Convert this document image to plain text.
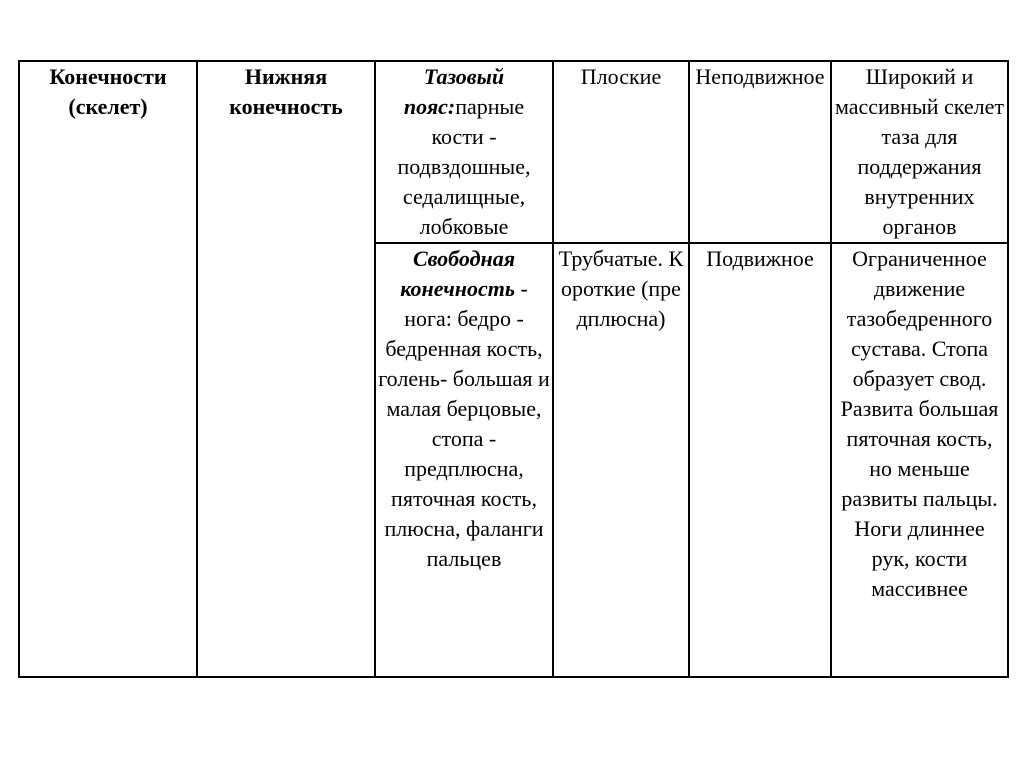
Конечности (скелет)	Нижняя конечность	Тазовый пояс:парные кости - подвздошные, седалищные, лобковые	Плоские	Неподвижное	Широкий и массивный скелет таза для поддержания внутренних органов

		Свободная конечность - нога: бедро - бедренная кость, голень- большая и малая берцовые, стопа - предплюсна, пяточная кость, плюсна, фаланги пальцев	Трубчатые. Короткие (предплюсна)	Подвижное	Ограниченное движение тазобедренного сустава. Стопа образует свод. Развита большая пяточная кость, но меньше развиты пальцы. Ноги длиннее рук, кости массивнее
